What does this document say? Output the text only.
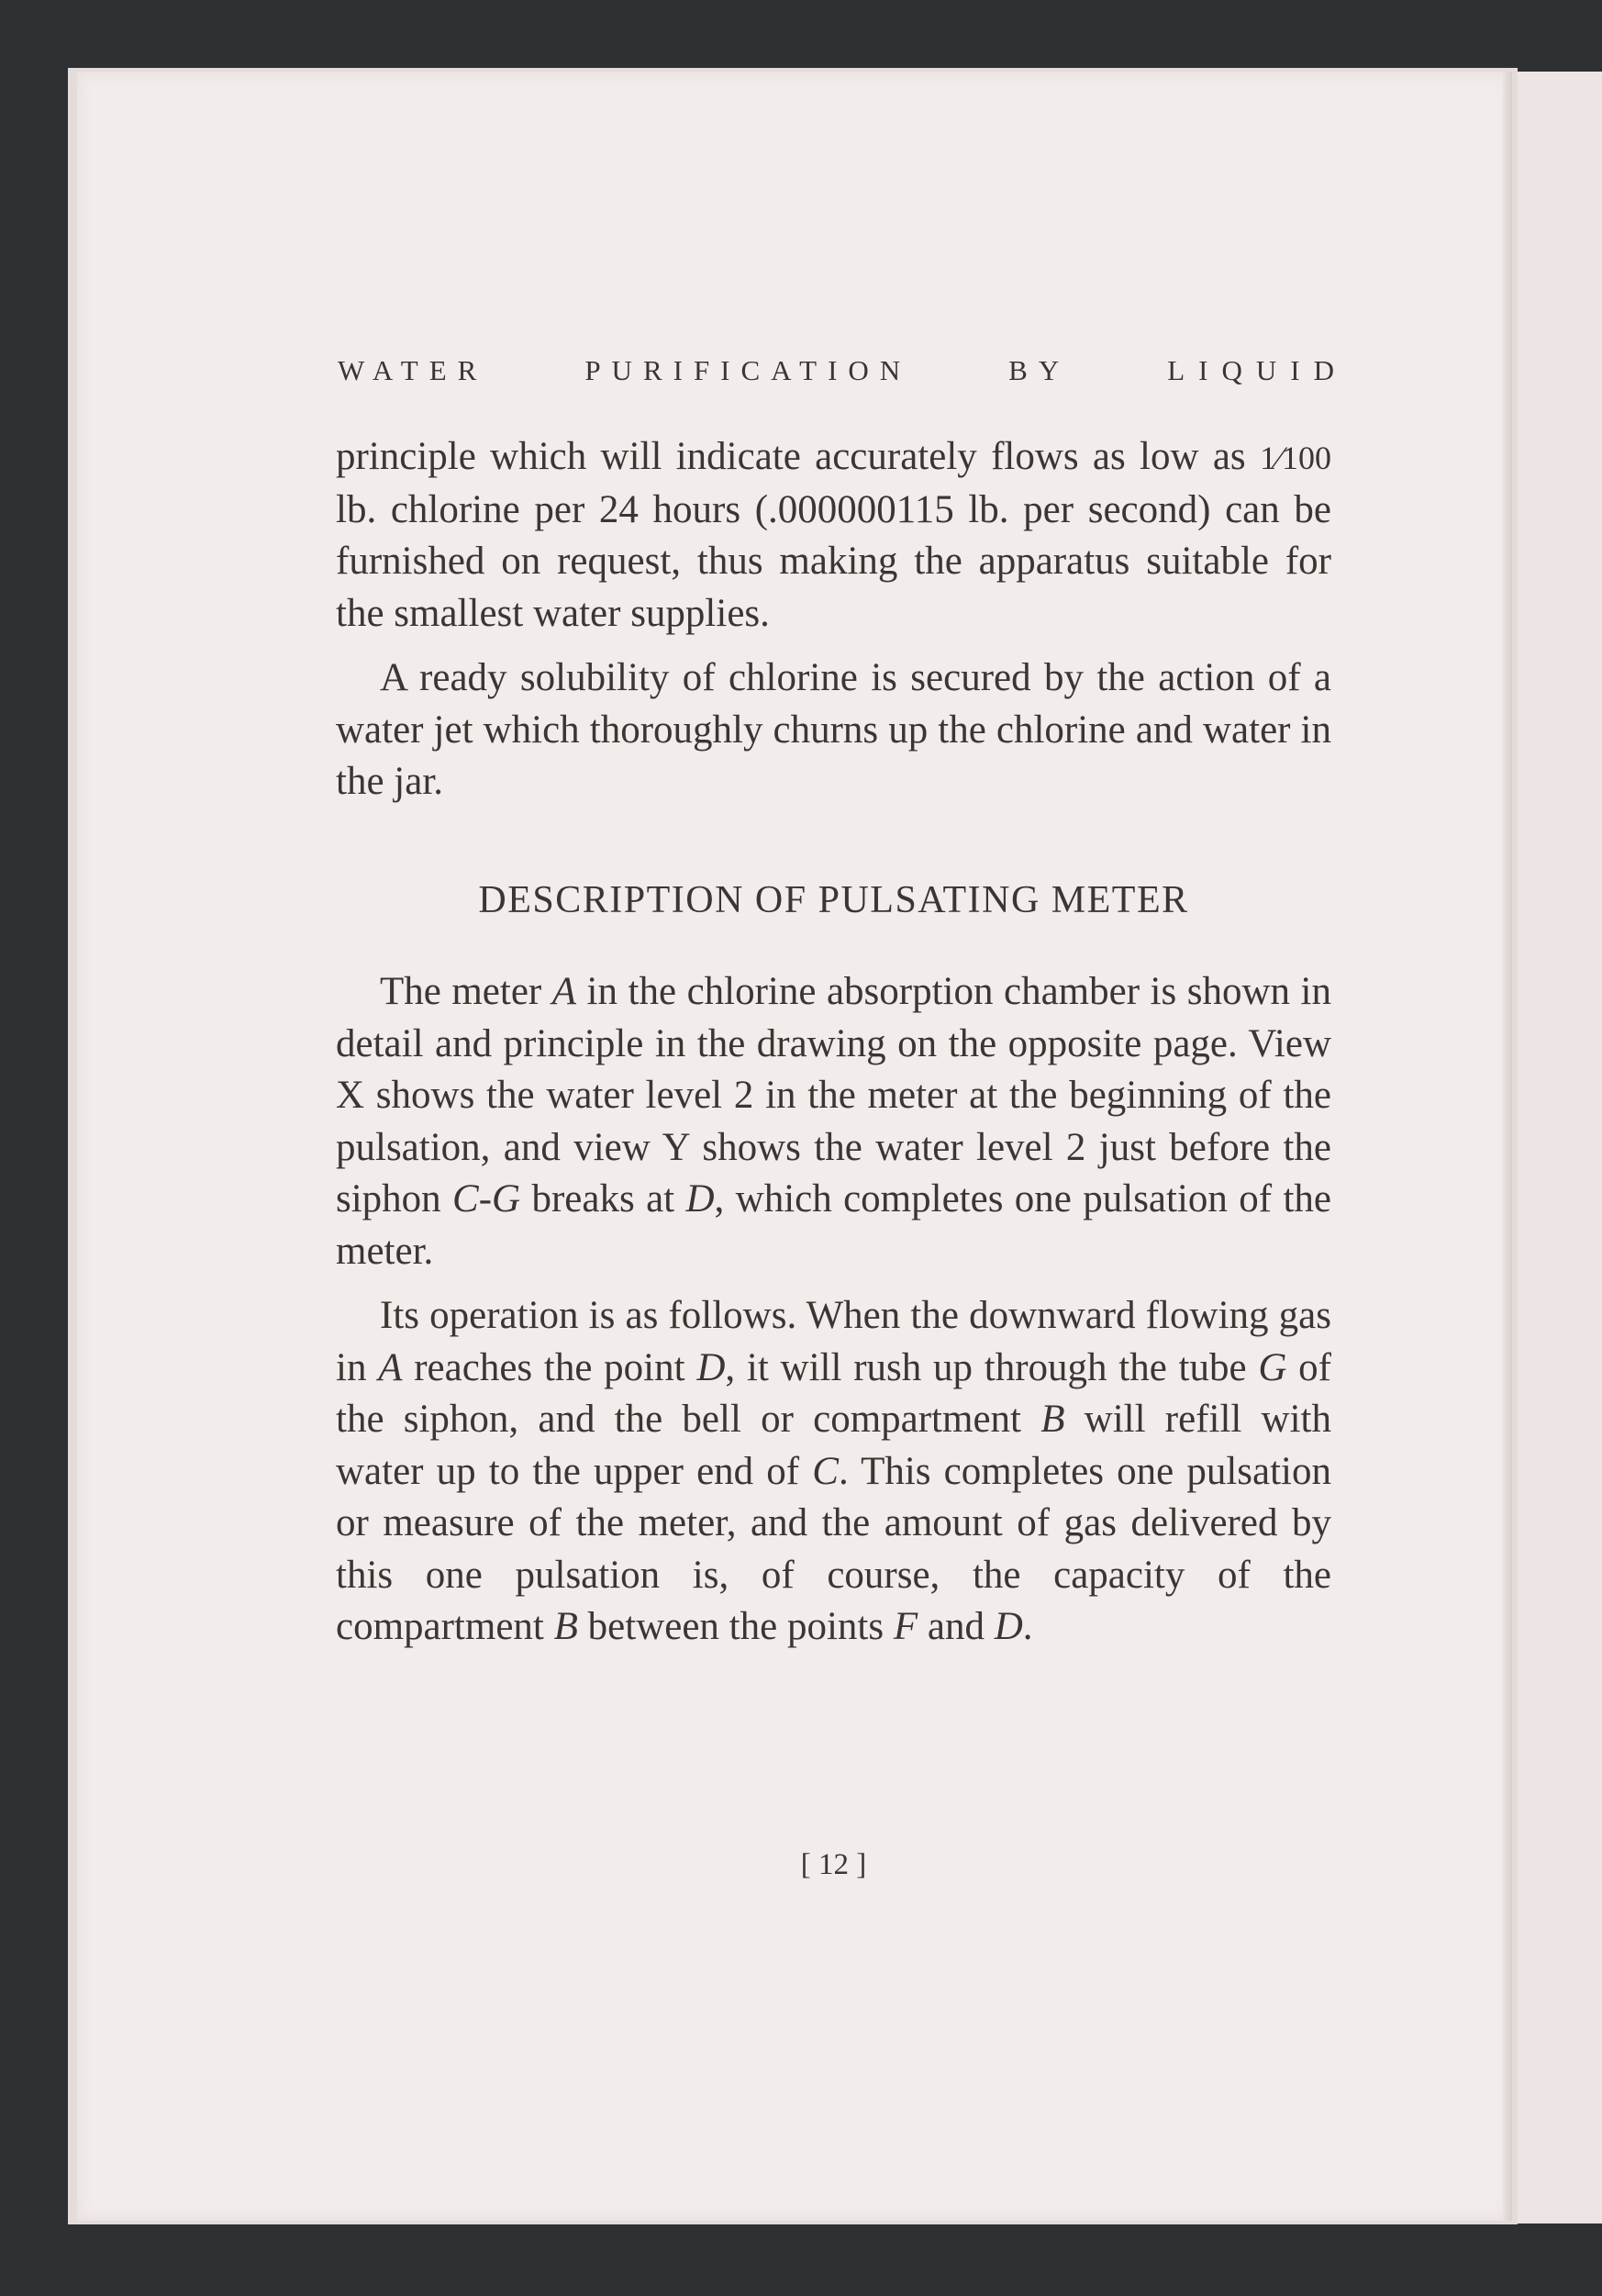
WATER	PURIFICATION	BY	LIQUID

principle which will indicate accurately flows as low as 1⁄100 lb. chlorine per 24 hours (.000000115 lb. per second) can be furnished on request, thus making the apparatus suitable for the smallest water supplies.

A ready solubility of chlorine is secured by the action of a water jet which thoroughly churns up the chlorine and water in the jar.

DESCRIPTION OF PULSATING METER

The meter A in the chlorine absorption chamber is shown in detail and principle in the drawing on the opposite page. View X shows the water level 2 in the meter at the beginning of the pulsation, and view Y shows the water level 2 just before the siphon C-G breaks at D, which completes one pulsation of the meter.

Its operation is as follows. When the downward flowing gas in A reaches the point D, it will rush up through the tube G of the siphon, and the bell or compartment B will refill with water up to the upper end of C. This completes one pulsation or measure of the meter, and the amount of gas delivered by this one pulsation is, of course, the capacity of the compartment B between the points F and D.

[ 12 ]
